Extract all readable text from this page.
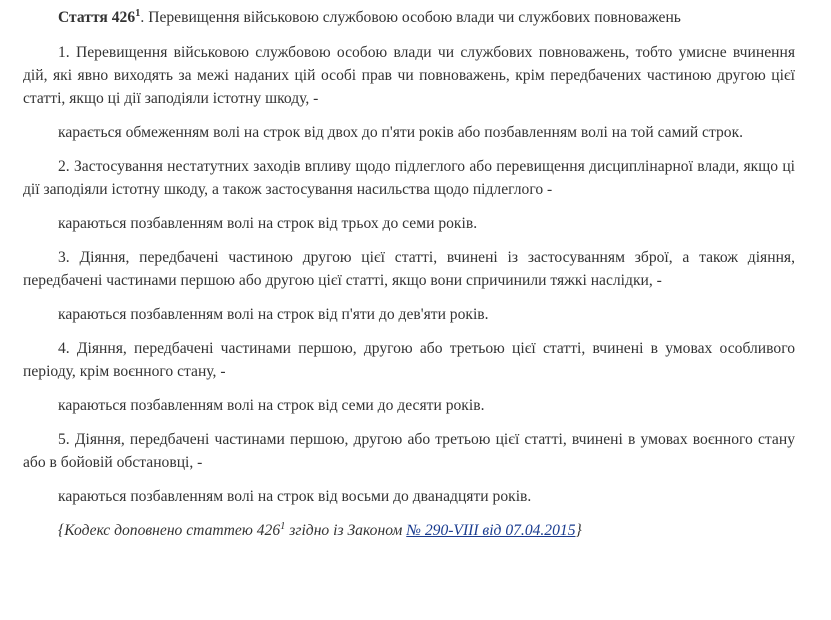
Стаття $426^1$. Перевищення військовою службовою особою влади чи службових повноважень

1. Перевищення військовою службовою особою влади чи службових повноважень, тобто умисне вчинення дій, які явно виходять за межі наданих цій особі прав чи повноважень, крім передбачених частиною другою цієї статті, якщо ці дії заподіяли істотну шкоду, -

карається обмеженням волі на строк від двох до п'яти років або позбавленням волі на той самий строк.

2. Застосування нестатутних заходів впливу щодо підлеглого або перевищення дисциплінарної влади, якщо ці дії заподіяли істотну шкоду, а також застосування насильства щодо підлеглого -

караються позбавленням волі на строк від трьох до семи років.

3. Діяння, передбачені частиною другою цієї статті, вчинені із застосуванням зброї, а також діяння, передбачені частинами першою або другою цієї статті, якщо вони спричинили тяжкі наслідки, -

караються позбавленням волі на строк від п'яти до дев'яти років.

4. Діяння, передбачені частинами першою, другою або третьою цієї статті, вчинені в умовах особливого періоду, крім воєнного стану, -

караються позбавленням волі на строк від семи до десяти років.

5. Діяння, передбачені частинами першою, другою або третьою цієї статті, вчинені в умовах воєнного стану або в бойовій обстановці, -

караються позбавленням волі на строк від восьми до дванадцяти років.

{Кодекс доповнено статтею $426^1$ згідно із Законом № 290-VIII від 07.04.2015}
